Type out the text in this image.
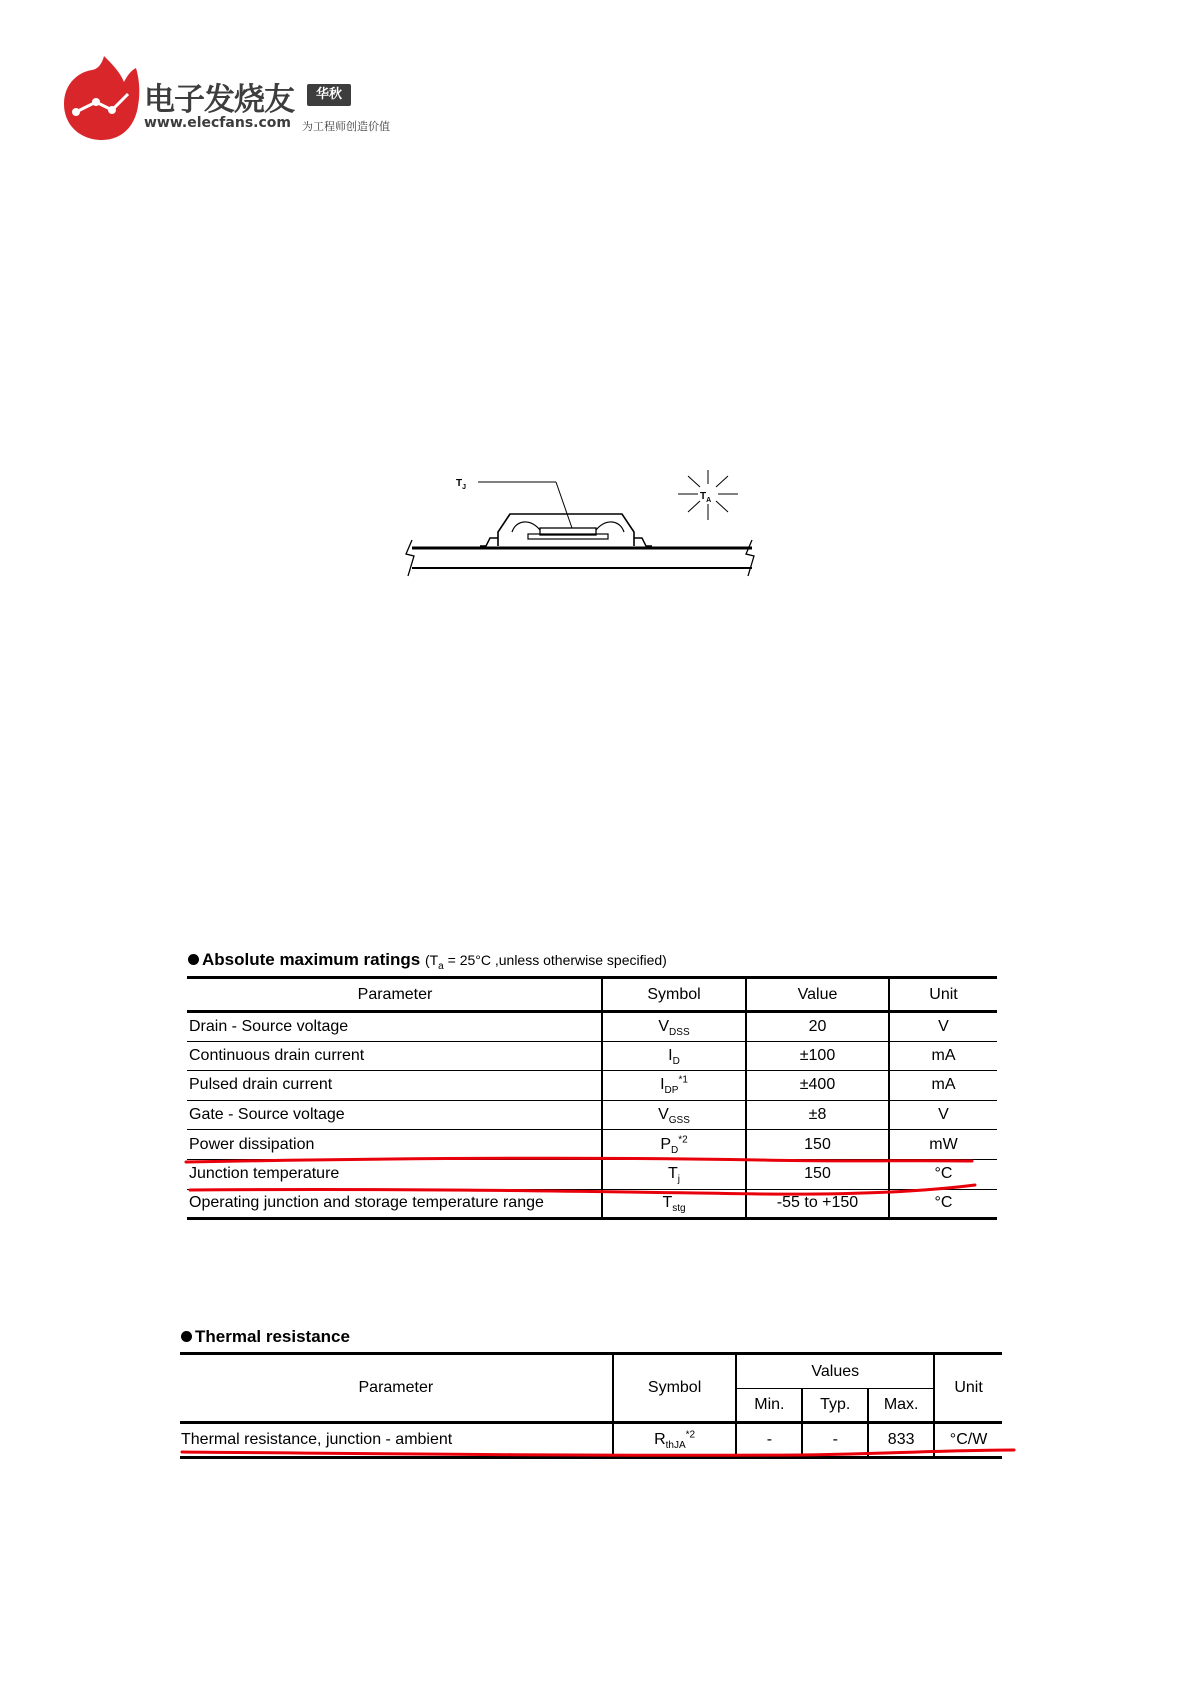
电子发烧友	华秋
www.elecfans.com 为工程师创造价值
$T_J$
$T_A$
Absolute maximum ratings ($T_a = 25^\circ C$ ,unless otherwise specified)
Parameter	Symbol	Value	Unit
Drain - Source voltage	$V_{DSS}$	20	V
Continuous drain current	$I_D$	±100	mA
Pulsed drain current	$I_{DP}^{*1}$	±400	mA
Gate - Source voltage	$V_{GSS}$	±8	V
Power dissipation	$P_D^{*2}$	150	mW
Junction temperature	$T_j$	150	°C
Operating junction and storage temperature range	$T_{stg}$	-55 to +150	°C
Thermal resistance
Parameter	Symbol	Values			Unit
		Min.	Typ.	Max.	
Thermal resistance, junction - ambient	$R_{thJA}^{*2}$	-	-	833	°C/W
